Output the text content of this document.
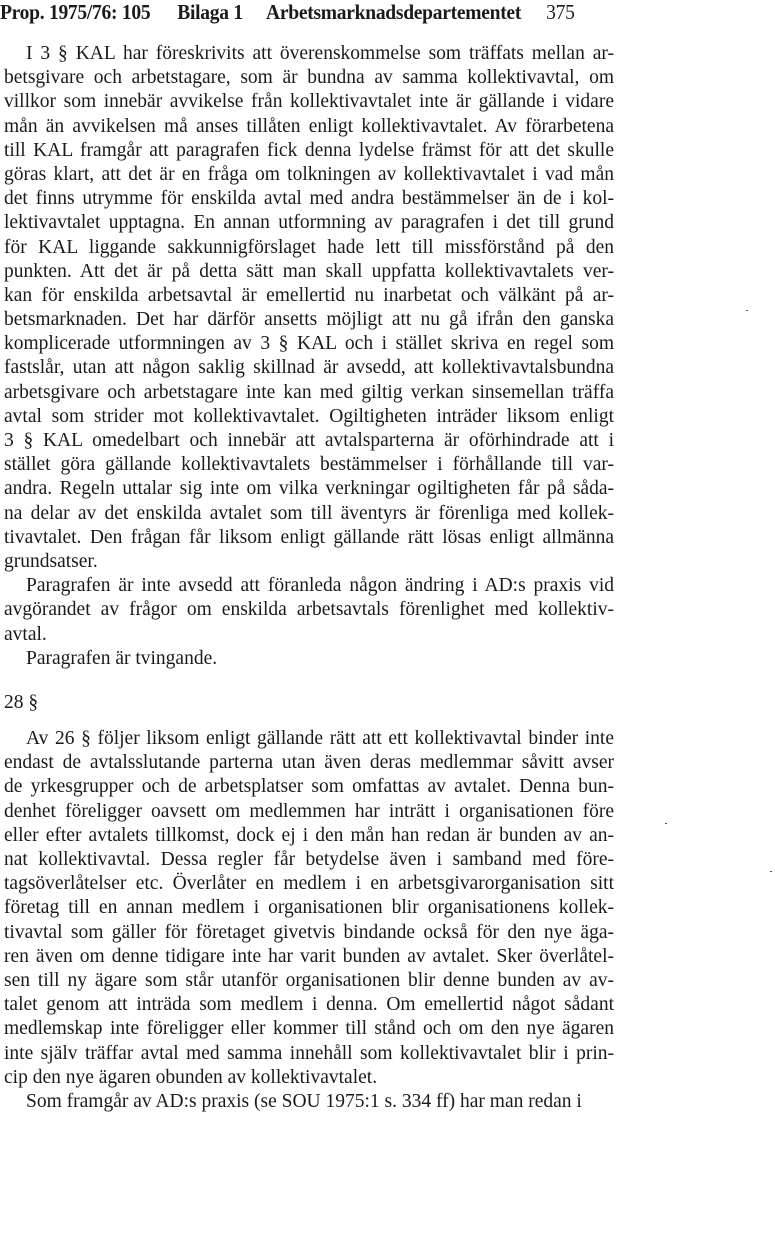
Prop. 1975/76: 105 Bilaga 1 Arbetsmarknadsdepartementet 375
I 3 § KAL har föreskrivits att överenskommelse som träffats mellan ar-
betsgivare och arbetstagare, som är bundna av samma kollektivavtal, om
villkor som innebär avvikelse från kollektivavtalet inte är gällande i vidare
mån än avvikelsen må anses tillåten enligt kollektivavtalet. Av förarbetena
till KAL framgår att paragrafen fick denna lydelse främst för att det skulle
göras klart, att det är en fråga om tolkningen av kollektivavtalet i vad mån
det finns utrymme för enskilda avtal med andra bestämmelser än de i kol-
lektivavtalet upptagna. En annan utformning av paragrafen i det till grund
för KAL liggande sakkunnigförslaget hade lett till missförstånd på den
punkten. Att det är på detta sätt man skall uppfatta kollektivavtalets ver-
kan för enskilda arbetsavtal är emellertid nu inarbetat och välkänt på ar-
betsmarknaden. Det har därför ansetts möjligt att nu gå ifrån den ganska
komplicerade utformningen av 3 § KAL och i stället skriva en regel som
fastslår, utan att någon saklig skillnad är avsedd, att kollektivavtalsbundna
arbetsgivare och arbetstagare inte kan med giltig verkan sinsemellan träffa
avtal som strider mot kollektivavtalet. Ogiltigheten inträder liksom enligt
3 § KAL omedelbart och innebär att avtalsparterna är oförhindrade att i
stället göra gällande kollektivavtalets bestämmelser i förhållande till var-
andra. Regeln uttalar sig inte om vilka verkningar ogiltigheten får på såda-
na delar av det enskilda avtalet som till äventyrs är förenliga med kollek-
tivavtalet. Den frågan får liksom enligt gällande rätt lösas enligt allmänna
grundsatser.
Paragrafen är inte avsedd att föranleda någon ändring i AD:s praxis vid
avgörandet av frågor om enskilda arbetsavtals förenlighet med kollektiv-
avtal.
Paragrafen är tvingande.
28 §
Av 26 § följer liksom enligt gällande rätt att ett kollektivavtal binder inte
endast de avtalsslutande parterna utan även deras medlemmar såvitt avser
de yrkesgrupper och de arbetsplatser som omfattas av avtalet. Denna bun-
denhet föreligger oavsett om medlemmen har inträtt i organisationen före
eller efter avtalets tillkomst, dock ej i den mån han redan är bunden av an-
nat kollektivavtal. Dessa regler får betydelse även i samband med före-
tagsöverlåtelser etc. Överlåter en medlem i en arbetsgivarorganisation sitt
företag till en annan medlem i organisationen blir organisationens kollek-
tivavtal som gäller för företaget givetvis bindande också för den nye äga-
ren även om denne tidigare inte har varit bunden av avtalet. Sker överlåtel-
sen till ny ägare som står utanför organisationen blir denne bunden av av-
talet genom att inträda som medlem i denna. Om emellertid något sådant
medlemskap inte föreligger eller kommer till stånd och om den nye ägaren
inte själv träffar avtal med samma innehåll som kollektivavtalet blir i prin-
cip den nye ägaren obunden av kollektivavtalet.
Som framgår av AD:s praxis (se SOU 1975:1 s. 334 ff) har man redan i
